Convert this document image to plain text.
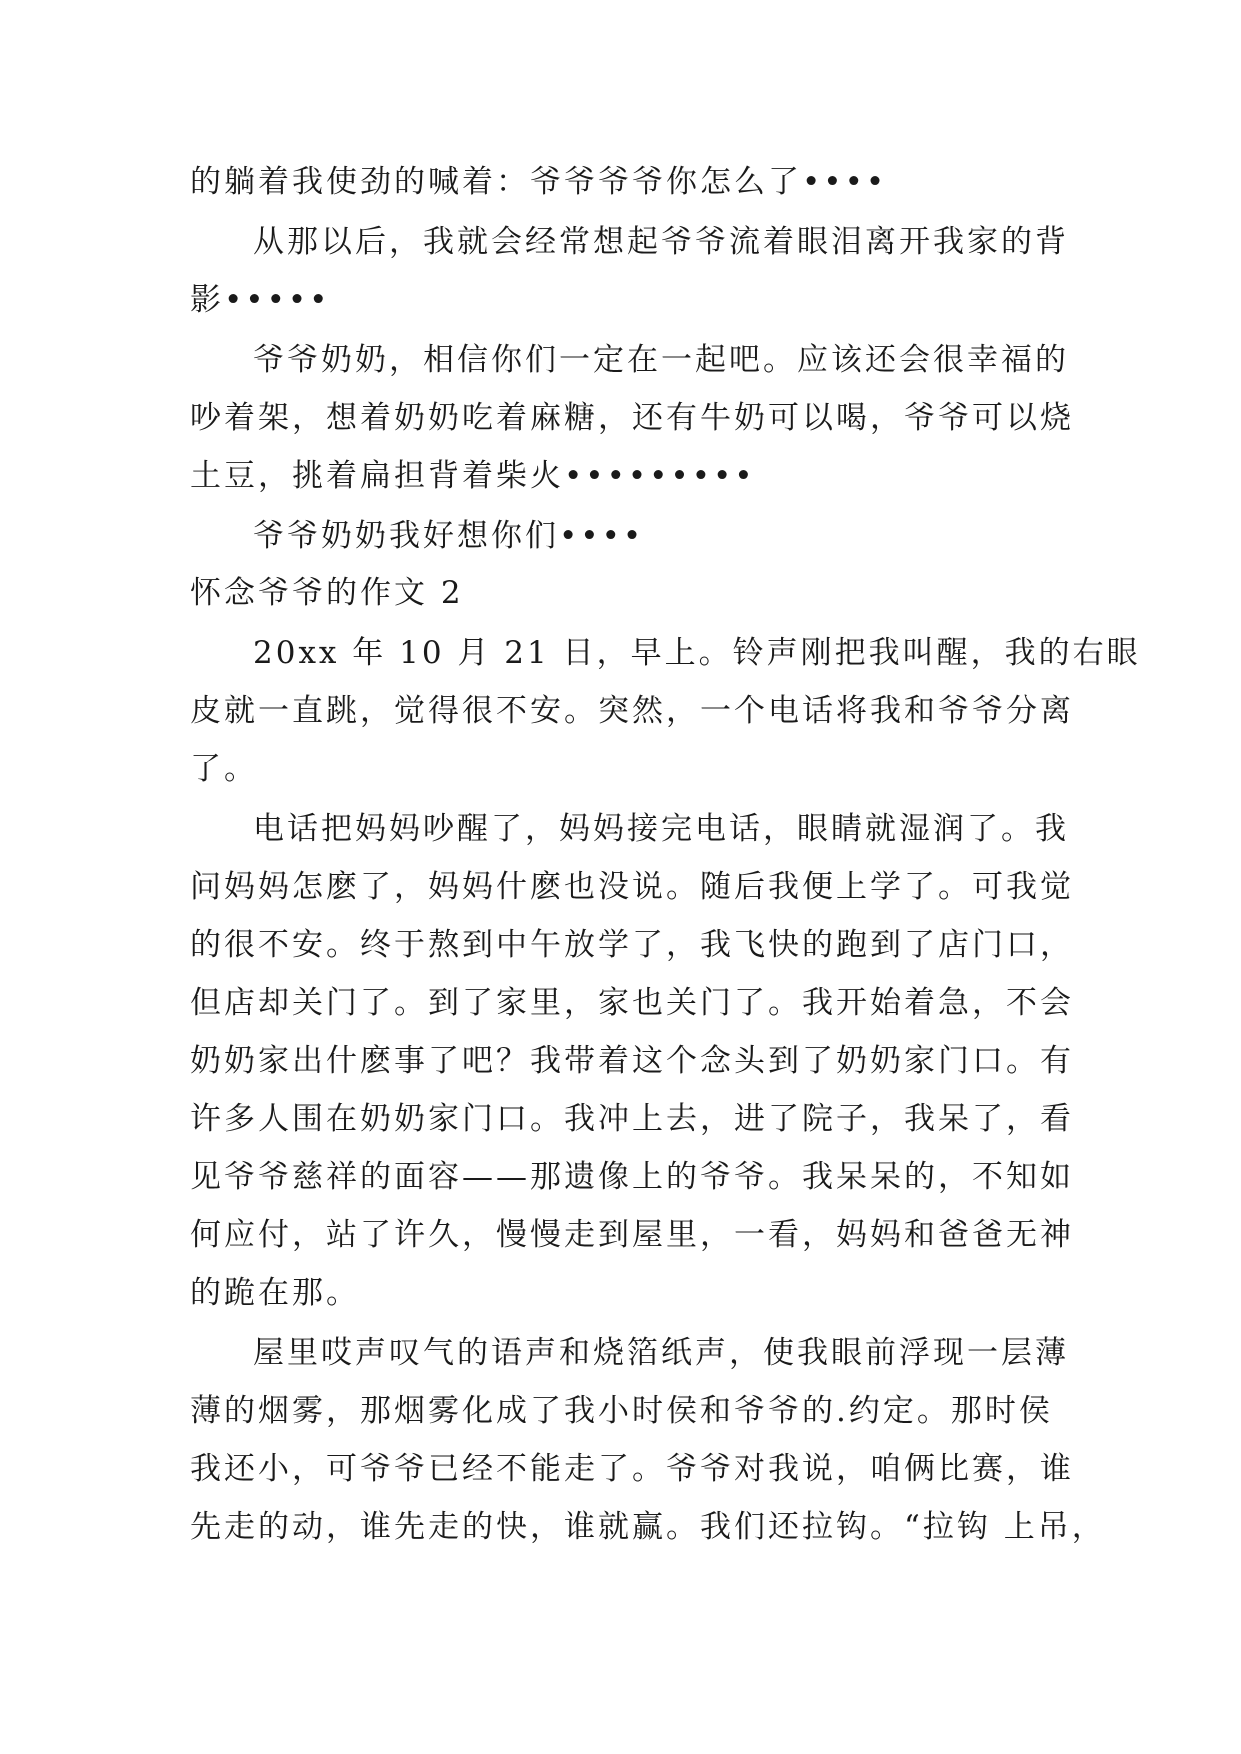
的躺着我使劲的喊着：爷爷爷爷你怎么了••••
从那以后，我就会经常想起爷爷流着眼泪离开我家的背
影•••••
爷爷奶奶，相信你们一定在一起吧。应该还会很幸福的
吵着架，想着奶奶吃着麻糖，还有牛奶可以喝，爷爷可以烧
土豆，挑着扁担背着柴火•••••••••
爷爷奶奶我好想你们••••
怀念爷爷的作文 2
20xx 年 10 月 21 日，早上。铃声刚把我叫醒，我的右眼
皮就一直跳，觉得很不安。突然，一个电话将我和爷爷分离
了。
电话把妈妈吵醒了，妈妈接完电话，眼睛就湿润了。我
问妈妈怎麽了，妈妈什麽也没说。随后我便上学了。可我觉
的很不安。终于熬到中午放学了，我飞快的跑到了店门口，
但店却关门了。到了家里，家也关门了。我开始着急，不会
奶奶家出什麽事了吧？我带着这个念头到了奶奶家门口。有
许多人围在奶奶家门口。我冲上去，进了院子，我呆了，看
见爷爷慈祥的面容——那遗像上的爷爷。我呆呆的，不知如
何应付，站了许久，慢慢走到屋里，一看，妈妈和爸爸无神
的跪在那。
屋里哎声叹气的语声和烧箔纸声，使我眼前浮现一层薄
薄的烟雾，那烟雾化成了我小时侯和爷爷的.约定。那时侯
我还小，可爷爷已经不能走了。爷爷对我说，咱俩比赛，谁
先走的动，谁先走的快，谁就赢。我们还拉钩。“拉钩 上吊，
